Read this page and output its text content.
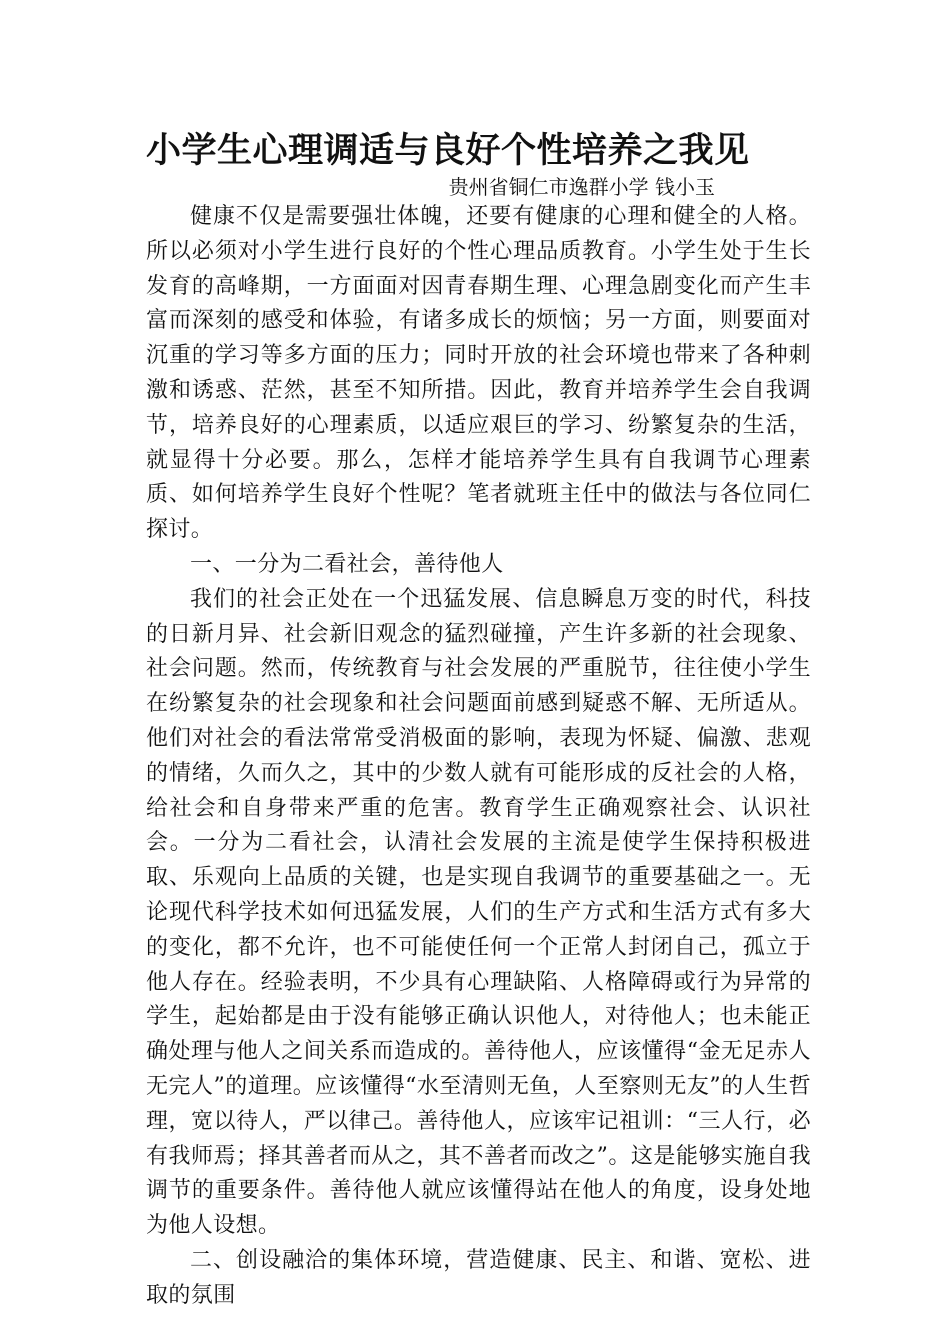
小学生心理调适与良好个性培养之我见
贵州省铜仁市逸群小学 钱小玉

健康不仅是需要强壮体魄，还要有健康的心理和健全的人格。所以必须对小学生进行良好的个性心理品质教育。小学生处于生长发育的高峰期，一方面面对因青春期生理、心理急剧变化而产生丰富而深刻的感受和体验，有诸多成长的烦恼；另一方面，则要面对沉重的学习等多方面的压力；同时开放的社会环境也带来了各种刺激和诱惑、茫然，甚至不知所措。因此，教育并培养学生会自我调节，培养良好的心理素质，以适应艰巨的学习、纷繁复杂的生活，就显得十分必要。那么，怎样才能培养学生具有自我调节心理素质、如何培养学生良好个性呢？笔者就班主任中的做法与各位同仁探讨。

一、一分为二看社会，善待他人

我们的社会正处在一个迅猛发展、信息瞬息万变的时代，科技的日新月异、社会新旧观念的猛烈碰撞，产生许多新的社会现象、社会问题。然而，传统教育与社会发展的严重脱节，往往使小学生在纷繁复杂的社会现象和社会问题面前感到疑惑不解、无所适从。他们对社会的看法常常受消极面的影响，表现为怀疑、偏激、悲观的情绪，久而久之，其中的少数人就有可能形成的反社会的人格，给社会和自身带来严重的危害。教育学生正确观察社会、认识社会。一分为二看社会，认清社会发展的主流是使学生保持积极进取、乐观向上品质的关键，也是实现自我调节的重要基础之一。无论现代科学技术如何迅猛发展，人们的生产方式和生活方式有多大的变化，都不允许，也不可能使任何一个正常人封闭自己，孤立于他人存在。经验表明，不少具有心理缺陷、人格障碍或行为异常的学生，起始都是由于没有能够正确认识他人，对待他人；也未能正确处理与他人之间关系而造成的。善待他人，应该懂得“金无足赤人无完人”的道理。应该懂得“水至清则无鱼，人至察则无友”的人生哲理，宽以待人，严以律己。善待他人，应该牢记祖训：“三人行，必有我师焉；择其善者而从之，其不善者而改之”。这是能够实施自我调节的重要条件。善待他人就应该懂得站在他人的角度，设身处地为他人设想。

二、创设融洽的集体环境，营造健康、民主、和谐、宽松、进取的氛围
